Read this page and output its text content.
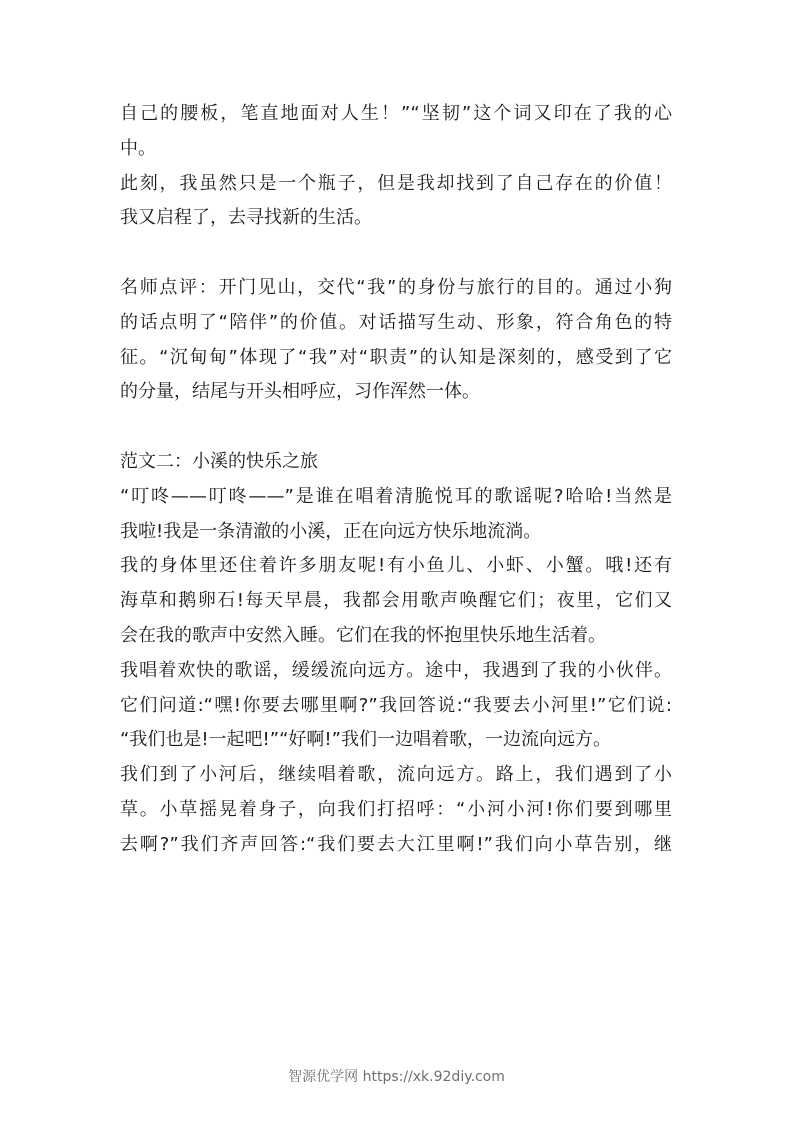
自己的腰板，笔直地面对人生！”“坚韧”这个词又印在了我的心
中。
此刻，我虽然只是一个瓶子，但是我却找到了自己存在的价值！
我又启程了，去寻找新的生活。
名师点评：开门见山，交代“我”的身份与旅行的目的。通过小狗
的话点明了“陪伴”的价值。对话描写生动、形象，符合角色的特
征。“沉甸甸”体现了“我”对“职责”的认知是深刻的，感受到了它
的分量，结尾与开头相呼应，习作浑然一体。
范文二：小溪的快乐之旅
“叮咚——叮咚——”是谁在唱着清脆悦耳的歌谣呢?哈哈!当然是
我啦!我是一条清澈的小溪，正在向远方快乐地流淌。
我的身体里还住着许多朋友呢!有小鱼儿、小虾、小蟹。哦!还有
海草和鹅卵石!每天早晨，我都会用歌声唤醒它们；夜里，它们又
会在我的歌声中安然入睡。它们在我的怀抱里快乐地生活着。
我唱着欢快的歌谣，缓缓流向远方。途中，我遇到了我的小伙伴。
它们问道:“嘿!你要去哪里啊?”我回答说:“我要去小河里!”它们说:
“我们也是!一起吧!”“好啊!”我们一边唱着歌，一边流向远方。
我们到了小河后，继续唱着歌，流向远方。路上，我们遇到了小
草。小草摇晃着身子，向我们打招呼：“小河小河!你们要到哪里
去啊?”我们齐声回答:“我们要去大江里啊!”我们向小草告别，继
智源优学网 https://xk.92diy.com
